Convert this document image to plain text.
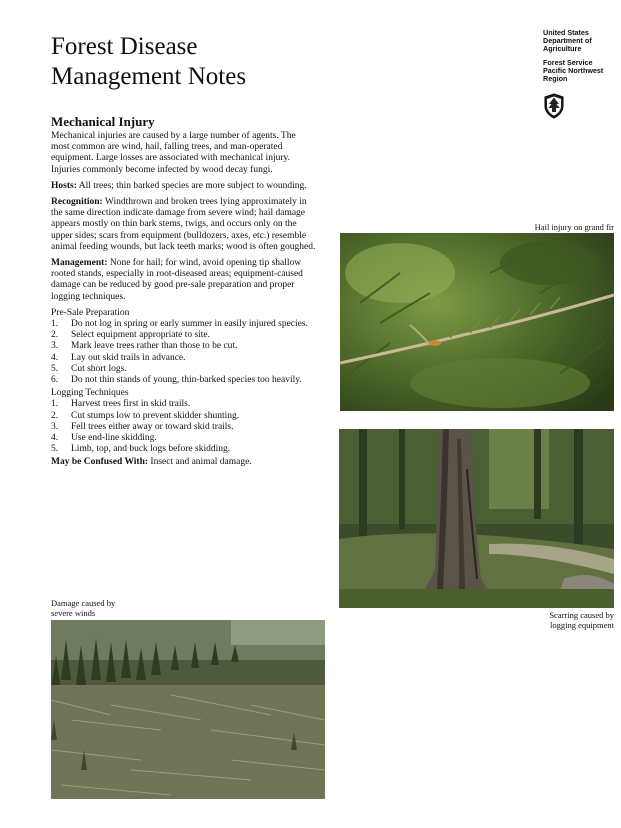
Forest Disease
Management Notes
United States
Department of
Agriculture
Forest Service
Pacific Northwest
Region
Mechanical Injury

Mechanical injuries are caused by a large number of agents. The most common are wind, hail, falling trees, and man-operated equipment. Large losses are associated with mechanical injury. Injuries commonly become infected by wood decay fungi.

Hosts: All trees; thin barked species are more subject to wounding.

Recognition: Windthrown and broken trees lying approximately in the same direction indicate damage from severe wind; hail damage appears mostly on thin bark stems, twigs, and occurs only on the upper sides; scars from equipment (bulldozers, axes, etc.) resemble animal feeding wounds, but lack teeth marks; wood is often goughed.

Management: None for hail; for wind, avoid opening tip shallow rooted stands, especially in root-diseased areas; equipment-caused damage can be reduced by good pre-sale preparation and proper logging techniques.

Pre-Sale Preparation
1.	Do not log in spring or early summer in easily injured species.
2.	Select equipment appropriate to site.
3.	Mark leave trees rather than those to be cut.
4.	Lay out skid trails in advance.
5.	Cut short logs.
6.	Do not thin stands of young, thin-barked species too heavily.
Logging Techniques
1.	Harvest trees first in skid trails.
2.	Cut stumps low to prevent skidder shunting.
3.	Fell trees either away or toward skid trails.
4.	Use end-line skidding.
5.	Limb, top, and buck logs before skidding.

May be Confused With: Insect and animal damage.

Hail injury on grand fir
Scarring caused by
logging equipment
Damage caused by
severe winds
